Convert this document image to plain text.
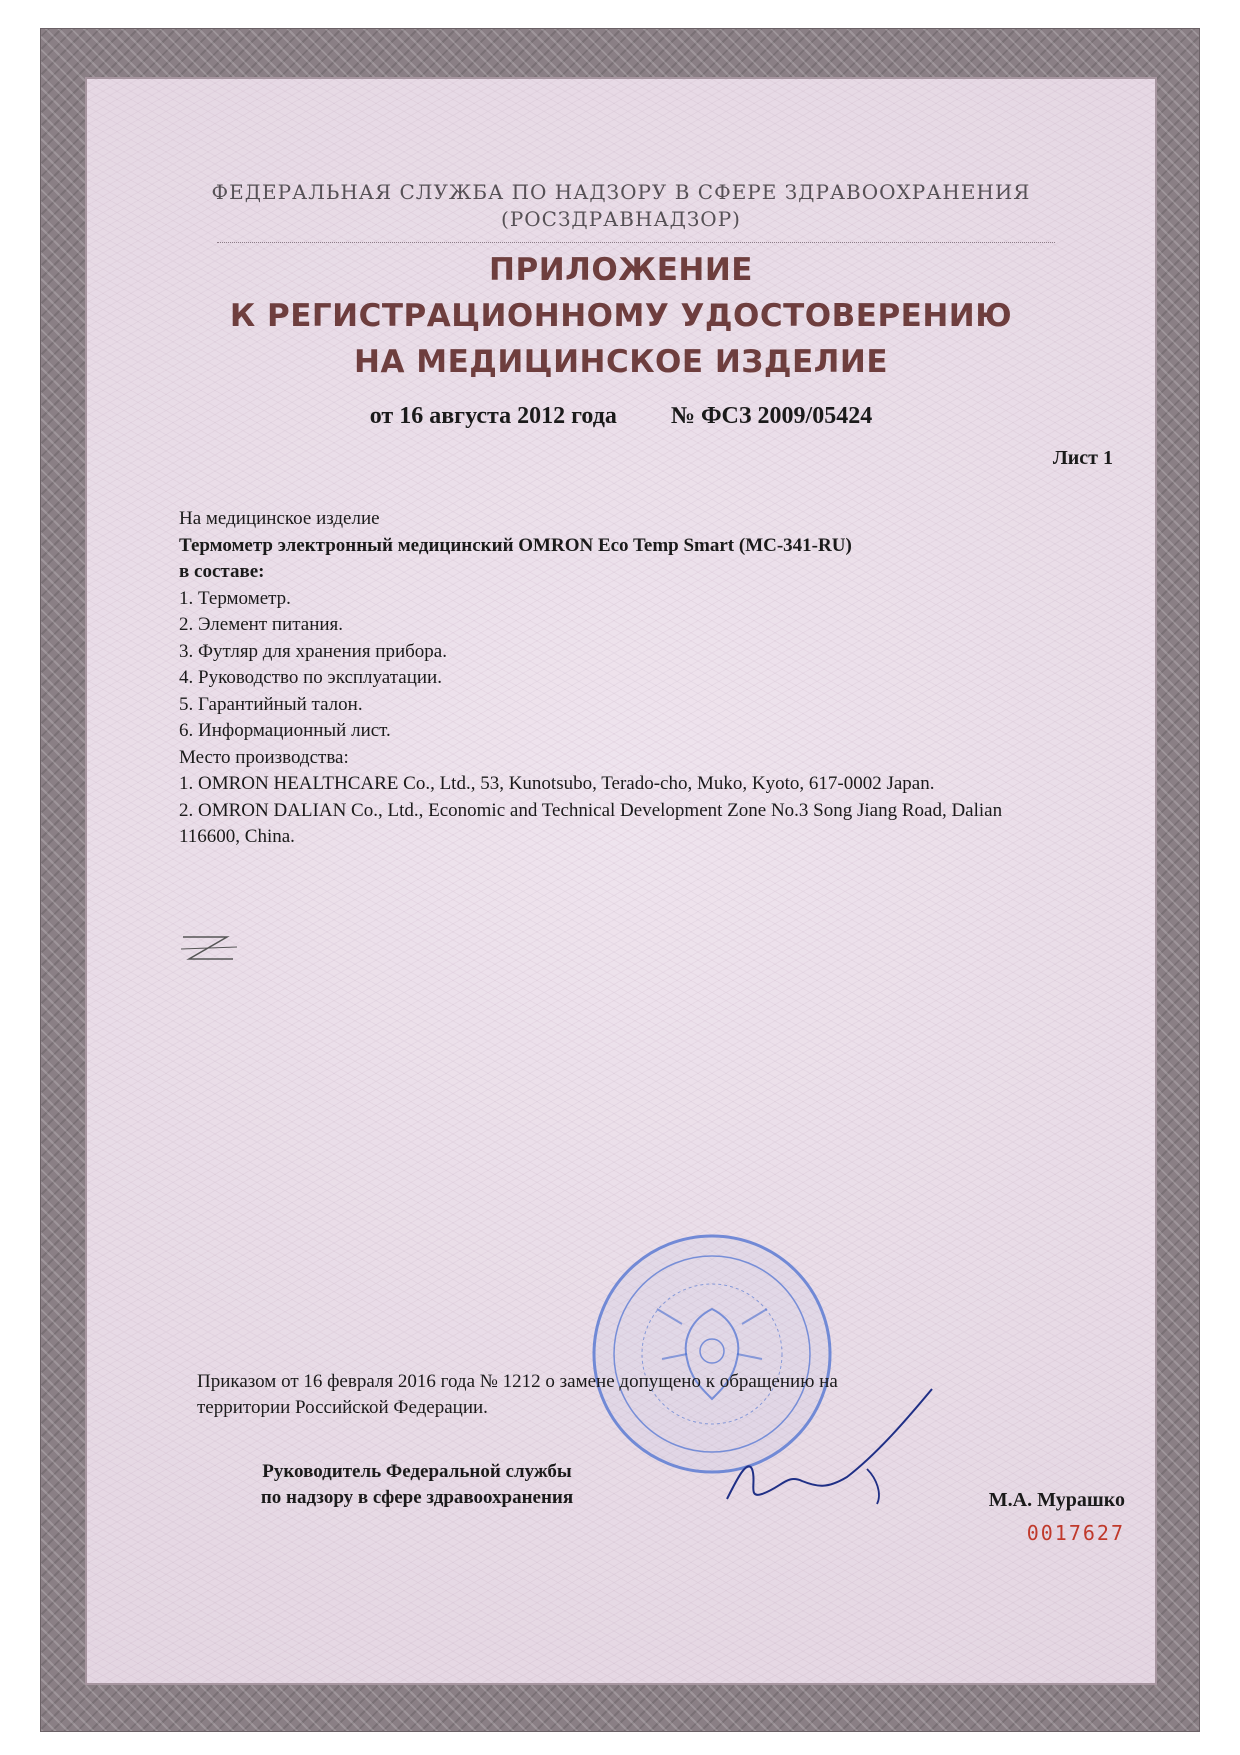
ФЕДЕРАЛЬНАЯ СЛУЖБА ПО НАДЗОРУ В СФЕРЕ ЗДРАВООХРАНЕНИЯ
(РОСЗДРАВНАДЗОР)
ПРИЛОЖЕНИЕ
К РЕГИСТРАЦИОННОМУ УДОСТОВЕРЕНИЮ
НА МЕДИЦИНСКОЕ ИЗДЕЛИЕ
от 16 августа 2012 года № ФСЗ 2009/05424
Лист 1

На медицинское изделие

Термометр электронный медицинский OMRON Eco Temp Smart (MC-341-RU)

в составе:

1. Термометр.

2. Элемент питания.

3. Футляр для хранения прибора.

4. Руководство по эксплуатации.

5. Гарантийный талон.

6. Информационный лист.

Место производства:

1. OMRON HEALTHCARE Co., Ltd., 53, Kunotsubo, Terado-cho, Muko, Kyoto, 617-0002 Japan.

2. OMRON DALIAN Co., Ltd., Economic and Technical Development Zone No.3 Song Jiang Road, Dalian 116600, China.

Приказом от 16 февраля 2016 года № 1212 о замене допущено к обращению на
территории Российской Федерации.
Руководитель Федеральной службы
по надзору в сфере здравоохранения	М.А. Мурашко
0017627
